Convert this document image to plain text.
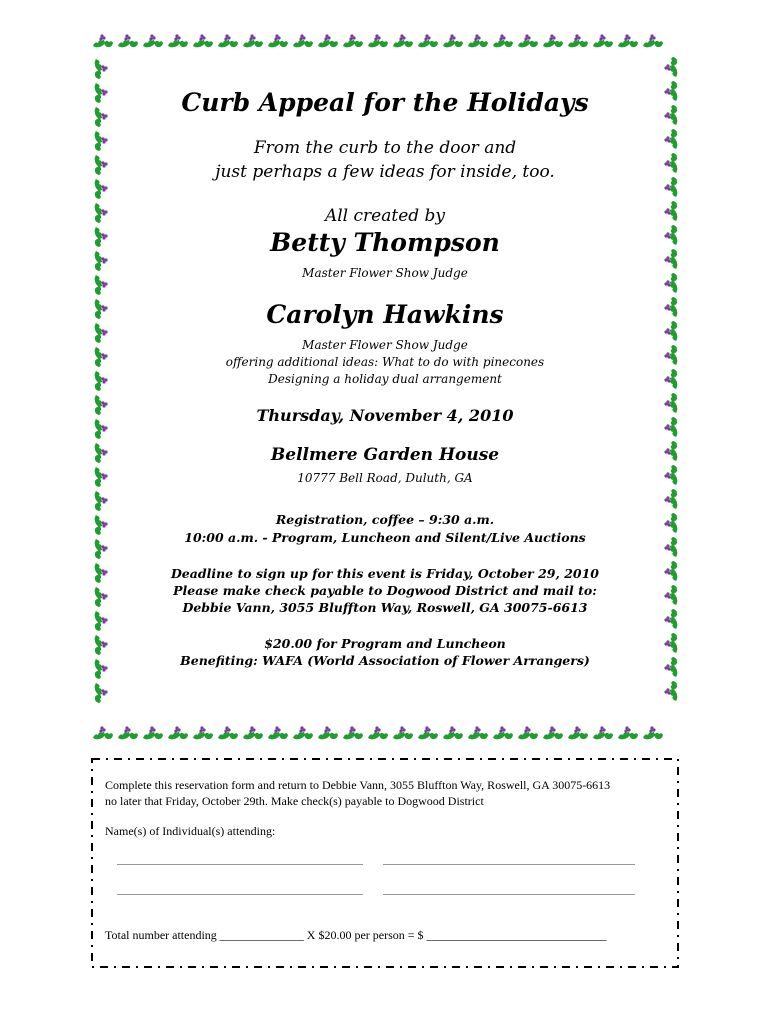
Curb Appeal for the Holidays
From the curb to the door and
just perhaps a few ideas for inside, too.
All created by
Betty Thompson
Master Flower Show Judge
Carolyn Hawkins
Master Flower Show Judge
offering additional ideas: What to do with pinecones
Designing a holiday dual arrangement
Thursday, November 4, 2010
Bellmere Garden House
10777 Bell Road, Duluth, GA
Registration, coffee – 9:30 a.m.
10:00 a.m. - Program, Luncheon and Silent/Live Auctions
Deadline to sign up for this event is Friday, October 29, 2010
Please make check payable to Dogwood District and mail to:
Debbie Vann, 3055 Bluffton Way, Roswell, GA 30075-6613
$20.00 for Program and Luncheon
Benefiting: WAFA (World Association of Flower Arrangers)
Complete this reservation form and return to Debbie Vann, 3055 Bluffton Way, Roswell, GA 30075-6613
no later that Friday, October 29th. Make check(s) payable to Dogwood District
Name(s) of Individual(s) attending:
Total number attending ______________ X $20.00 per person = $ ______________________________
